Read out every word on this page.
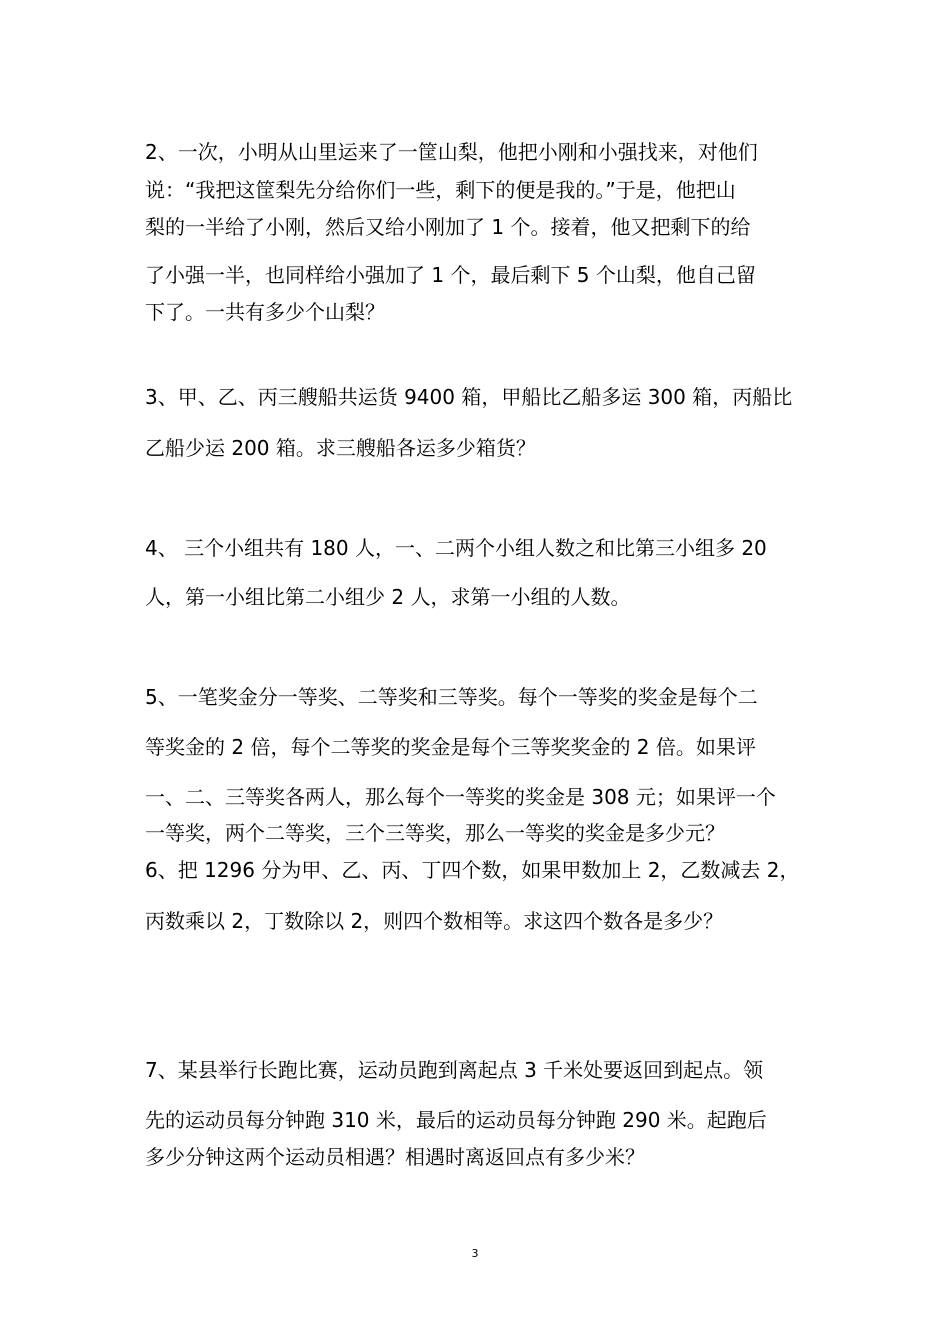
2、一次，小明从山里运来了一筐山梨，他把小刚和小强找来，对他们
说：“我把这筐梨先分给你们一些，剩下的便是我的。”于是，他把山
梨的一半给了小刚，然后又给小刚加了 1 个。接着，他又把剩下的给
了小强一半，也同样给小强加了 1 个，最后剩下 5 个山梨，他自己留
下了。一共有多少个山梨？
3、甲、乙、丙三艘船共运货 9400 箱，甲船比乙船多运 300 箱，丙船比
乙船少运 200 箱。求三艘船各运多少箱货？
4、 三个小组共有 180 人，一、二两个小组人数之和比第三小组多 20
人，第一小组比第二小组少 2 人，求第一小组的人数。
5、一笔奖金分一等奖、二等奖和三等奖。每个一等奖的奖金是每个二
等奖金的 2 倍，每个二等奖的奖金是每个三等奖奖金的 2 倍。如果评
一、二、三等奖各两人，那么每个一等奖的奖金是 308 元；如果评一个
一等奖，两个二等奖，三个三等奖，那么一等奖的奖金是多少元？
6、把 1296 分为甲、乙、丙、丁四个数，如果甲数加上 2，乙数减去 2，
丙数乘以 2，丁数除以 2，则四个数相等。求这四个数各是多少？
7、某县举行长跑比赛，运动员跑到离起点 3 千米处要返回到起点。领
先的运动员每分钟跑 310 米，最后的运动员每分钟跑 290 米。起跑后
多少分钟这两个运动员相遇？相遇时离返回点有多少米？
3
